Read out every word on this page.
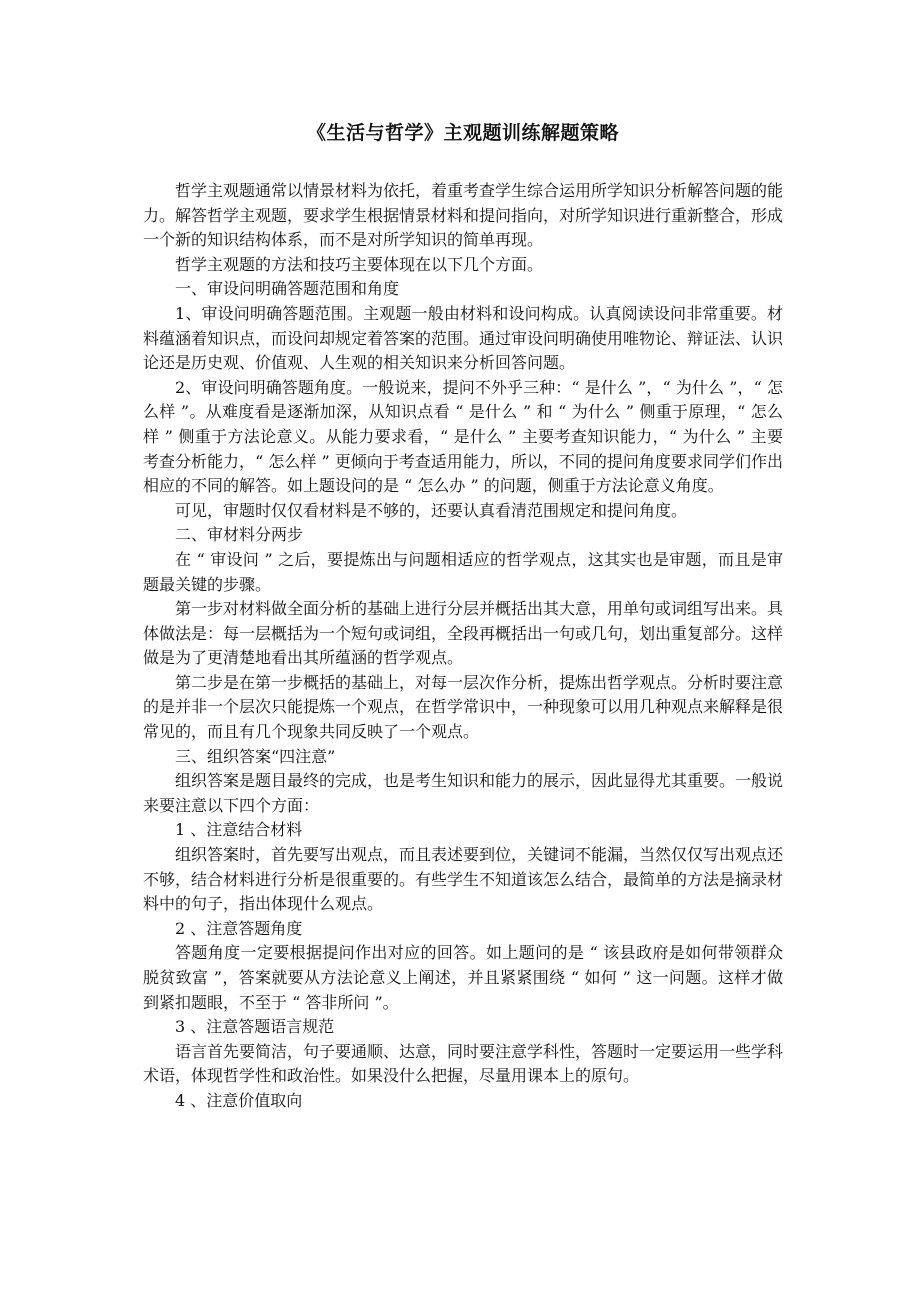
《生活与哲学》主观题训练解题策略

哲学主观题通常以情景材料为依托，着重考查学生综合运用所学知识分析解答问题的能力。解答哲学主观题，要求学生根据情景材料和提问指向，对所学知识进行重新整合，形成一个新的知识结构体系，而不是对所学知识的简单再现。

哲学主观题的方法和技巧主要体现在以下几个方面。

一、审设问明确答题范围和角度

1、审设问明确答题范围。主观题一般由材料和设问构成。认真阅读设问非常重要。材料蕴涵着知识点，而设问却规定着答案的范围。通过审设问明确使用唯物论、辩证法、认识论还是历史观、价值观、人生观的相关知识来分析回答问题。

2、审设问明确答题角度。一般说来，提问不外乎三种：“ 是什么 ”，“ 为什么 ”，“ 怎么样 ”。从难度看是逐渐加深，从知识点看 “ 是什么 ” 和 “ 为什么 ” 侧重于原理，“ 怎么样 ” 侧重于方法论意义。从能力要求看，“ 是什么 ” 主要考查知识能力，“ 为什么 ” 主要考查分析能力，“ 怎么样 ” 更倾向于考查适用能力，所以，不同的提问角度要求同学们作出相应的不同的解答。如上题设问的是 “ 怎么办 ” 的问题，侧重于方法论意义角度。

可见，审题时仅仅看材料是不够的，还要认真看清范围规定和提问角度。

二、审材料分两步

在 “ 审设问 ” 之后，要提炼出与问题相适应的哲学观点，这其实也是审题，而且是审题最关键的步骤。

第一步对材料做全面分析的基础上进行分层并概括出其大意，用单句或词组写出来。具体做法是：每一层概括为一个短句或词组，全段再概括出一句或几句，划出重复部分。这样做是为了更清楚地看出其所蕴涵的哲学观点。

第二步是在第一步概括的基础上，对每一层次作分析，提炼出哲学观点。分析时要注意的是并非一个层次只能提炼一个观点，在哲学常识中，一种现象可以用几种观点来解释是很常见的，而且有几个现象共同反映了一个观点。

三、组织答案“四注意”

组织答案是题目最终的完成，也是考生知识和能力的展示，因此显得尤其重要。一般说来要注意以下四个方面：

1 、注意结合材料

组织答案时，首先要写出观点，而且表述要到位，关键词不能漏，当然仅仅写出观点还不够，结合材料进行分析是很重要的。有些学生不知道该怎么结合，最简单的方法是摘录材料中的句子，指出体现什么观点。

2 、注意答题角度

答题角度一定要根据提问作出对应的回答。如上题问的是 “ 该县政府是如何带领群众脱贫致富 ”，答案就要从方法论意义上阐述，并且紧紧围绕 “ 如何 ” 这一问题。这样才做到紧扣题眼，不至于 “ 答非所问 ”。

3 、注意答题语言规范

语言首先要简洁，句子要通顺、达意，同时要注意学科性，答题时一定要运用一些学科术语，体现哲学性和政治性。如果没什么把握，尽量用课本上的原句。

4 、注意价值取向
